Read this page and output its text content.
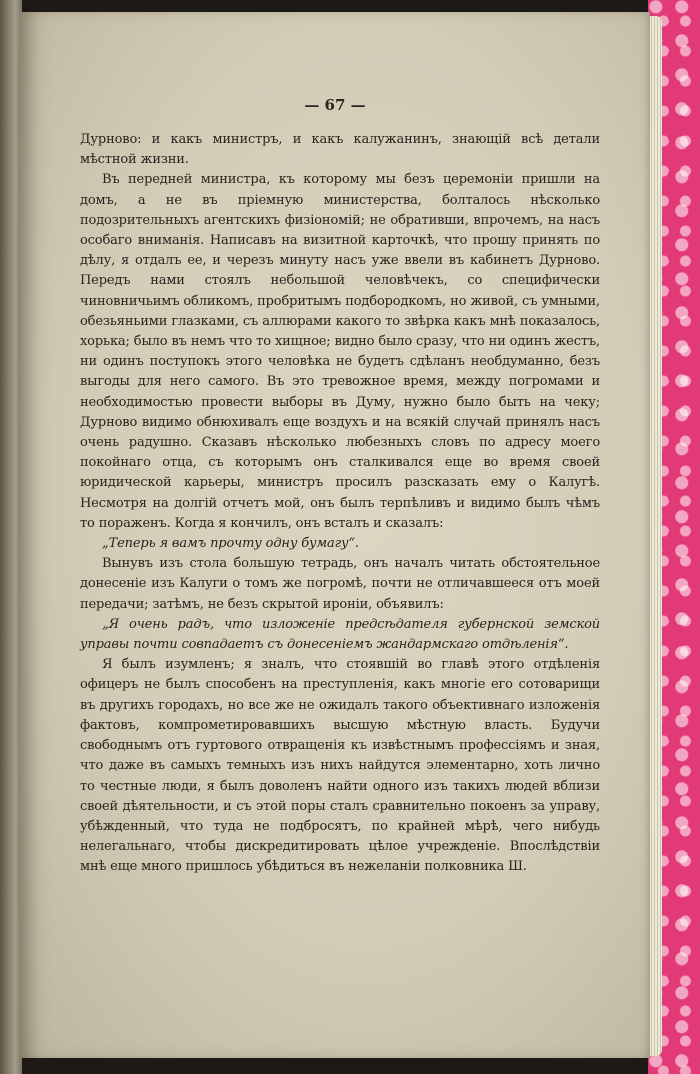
— 67 —

Дурново: и какъ министръ, и какъ калужанинъ, знающiй всѣ детали мѣстной жизни.

Въ передней министра, къ которому мы безъ церемонiи пришли на домъ, а не въ прiемную министерства, болталось нѣсколько подозрительныхъ агентскихъ физiономiй; не обративши, впрочемъ, на насъ особаго вниманiя. Написавъ на визитной карточкѣ, что прошу принять по дѣлу, я отдалъ ее, и черезъ минуту насъ уже ввели въ кабинетъ Дурново. Передъ нами стоялъ небольшой человѣчекъ, со специфически чиновничьимъ обликомъ, пробритымъ подбородкомъ, но живой, съ умными, обезьяньими глазками, съ аллюрами какого то звѣрка какъ мнѣ показалось, хорька; было въ немъ что то хищное; видно было сразу, что ни одинъ жестъ, ни одинъ поступокъ этого человѣка не будетъ сдѣланъ необдуманно, безъ выгоды для него самого. Въ это тревожное время, между погромами и необходимостью провести выборы въ Думу, нужно было быть на чеку; Дурново видимо обнюхивалъ еще воздухъ и на всякiй случай принялъ насъ очень радушно. Сказавъ нѣсколько любезныхъ словъ по адресу моего покойнаго отца, съ которымъ онъ сталкивался еще во время своей юридической карьеры, министръ просилъ разсказать ему о Калугѣ. Несмотря на долгiй отчетъ мой, онъ былъ терпѣливъ и видимо былъ чѣмъ то пораженъ. Когда я кончилъ, онъ всталъ и сказалъ:

„Теперь я вамъ прочту одну бумагу“.

Вынувъ изъ стола большую тетрадь, онъ началъ читать обстоятельное донесенiе изъ Калуги о томъ же погромѣ, почти не отличавшееся отъ моей передачи; затѣмъ, не безъ скрытой иронiи, объявилъ:

„Я очень радъ, что изложенiе предсѣдателя губернской земской управы почти совпадаетъ съ донесенiемъ жандармскаго отдѣленiя“.

Я былъ изумленъ; я зналъ, что стоявшiй во главѣ этого отдѣленiя офицеръ не былъ способенъ на преступленiя, какъ многiе его сотоварищи въ другихъ городахъ, но все же не ожидалъ такого объективнаго изложенiя фактовъ, компрометировавшихъ высшую мѣстную власть. Будучи свободнымъ отъ гуртового отвращенiя къ извѣстнымъ профессiямъ и зная, что даже въ самыхъ темныхъ изъ нихъ найдутся элементарно, хоть лично то честные люди, я былъ доволенъ найти одного изъ такихъ людей вблизи своей дѣятельности, и съ этой поры сталъ сравнительно покоенъ за управу, убѣжденный, что туда не подбросятъ, по крайней мѣрѣ, чего нибудь нелегальнаго, чтобы дискредитировать цѣлое учрежденiе. Впослѣдствiи мнѣ еще много пришлось убѣдиться въ нежеланiи полковника Ш.
